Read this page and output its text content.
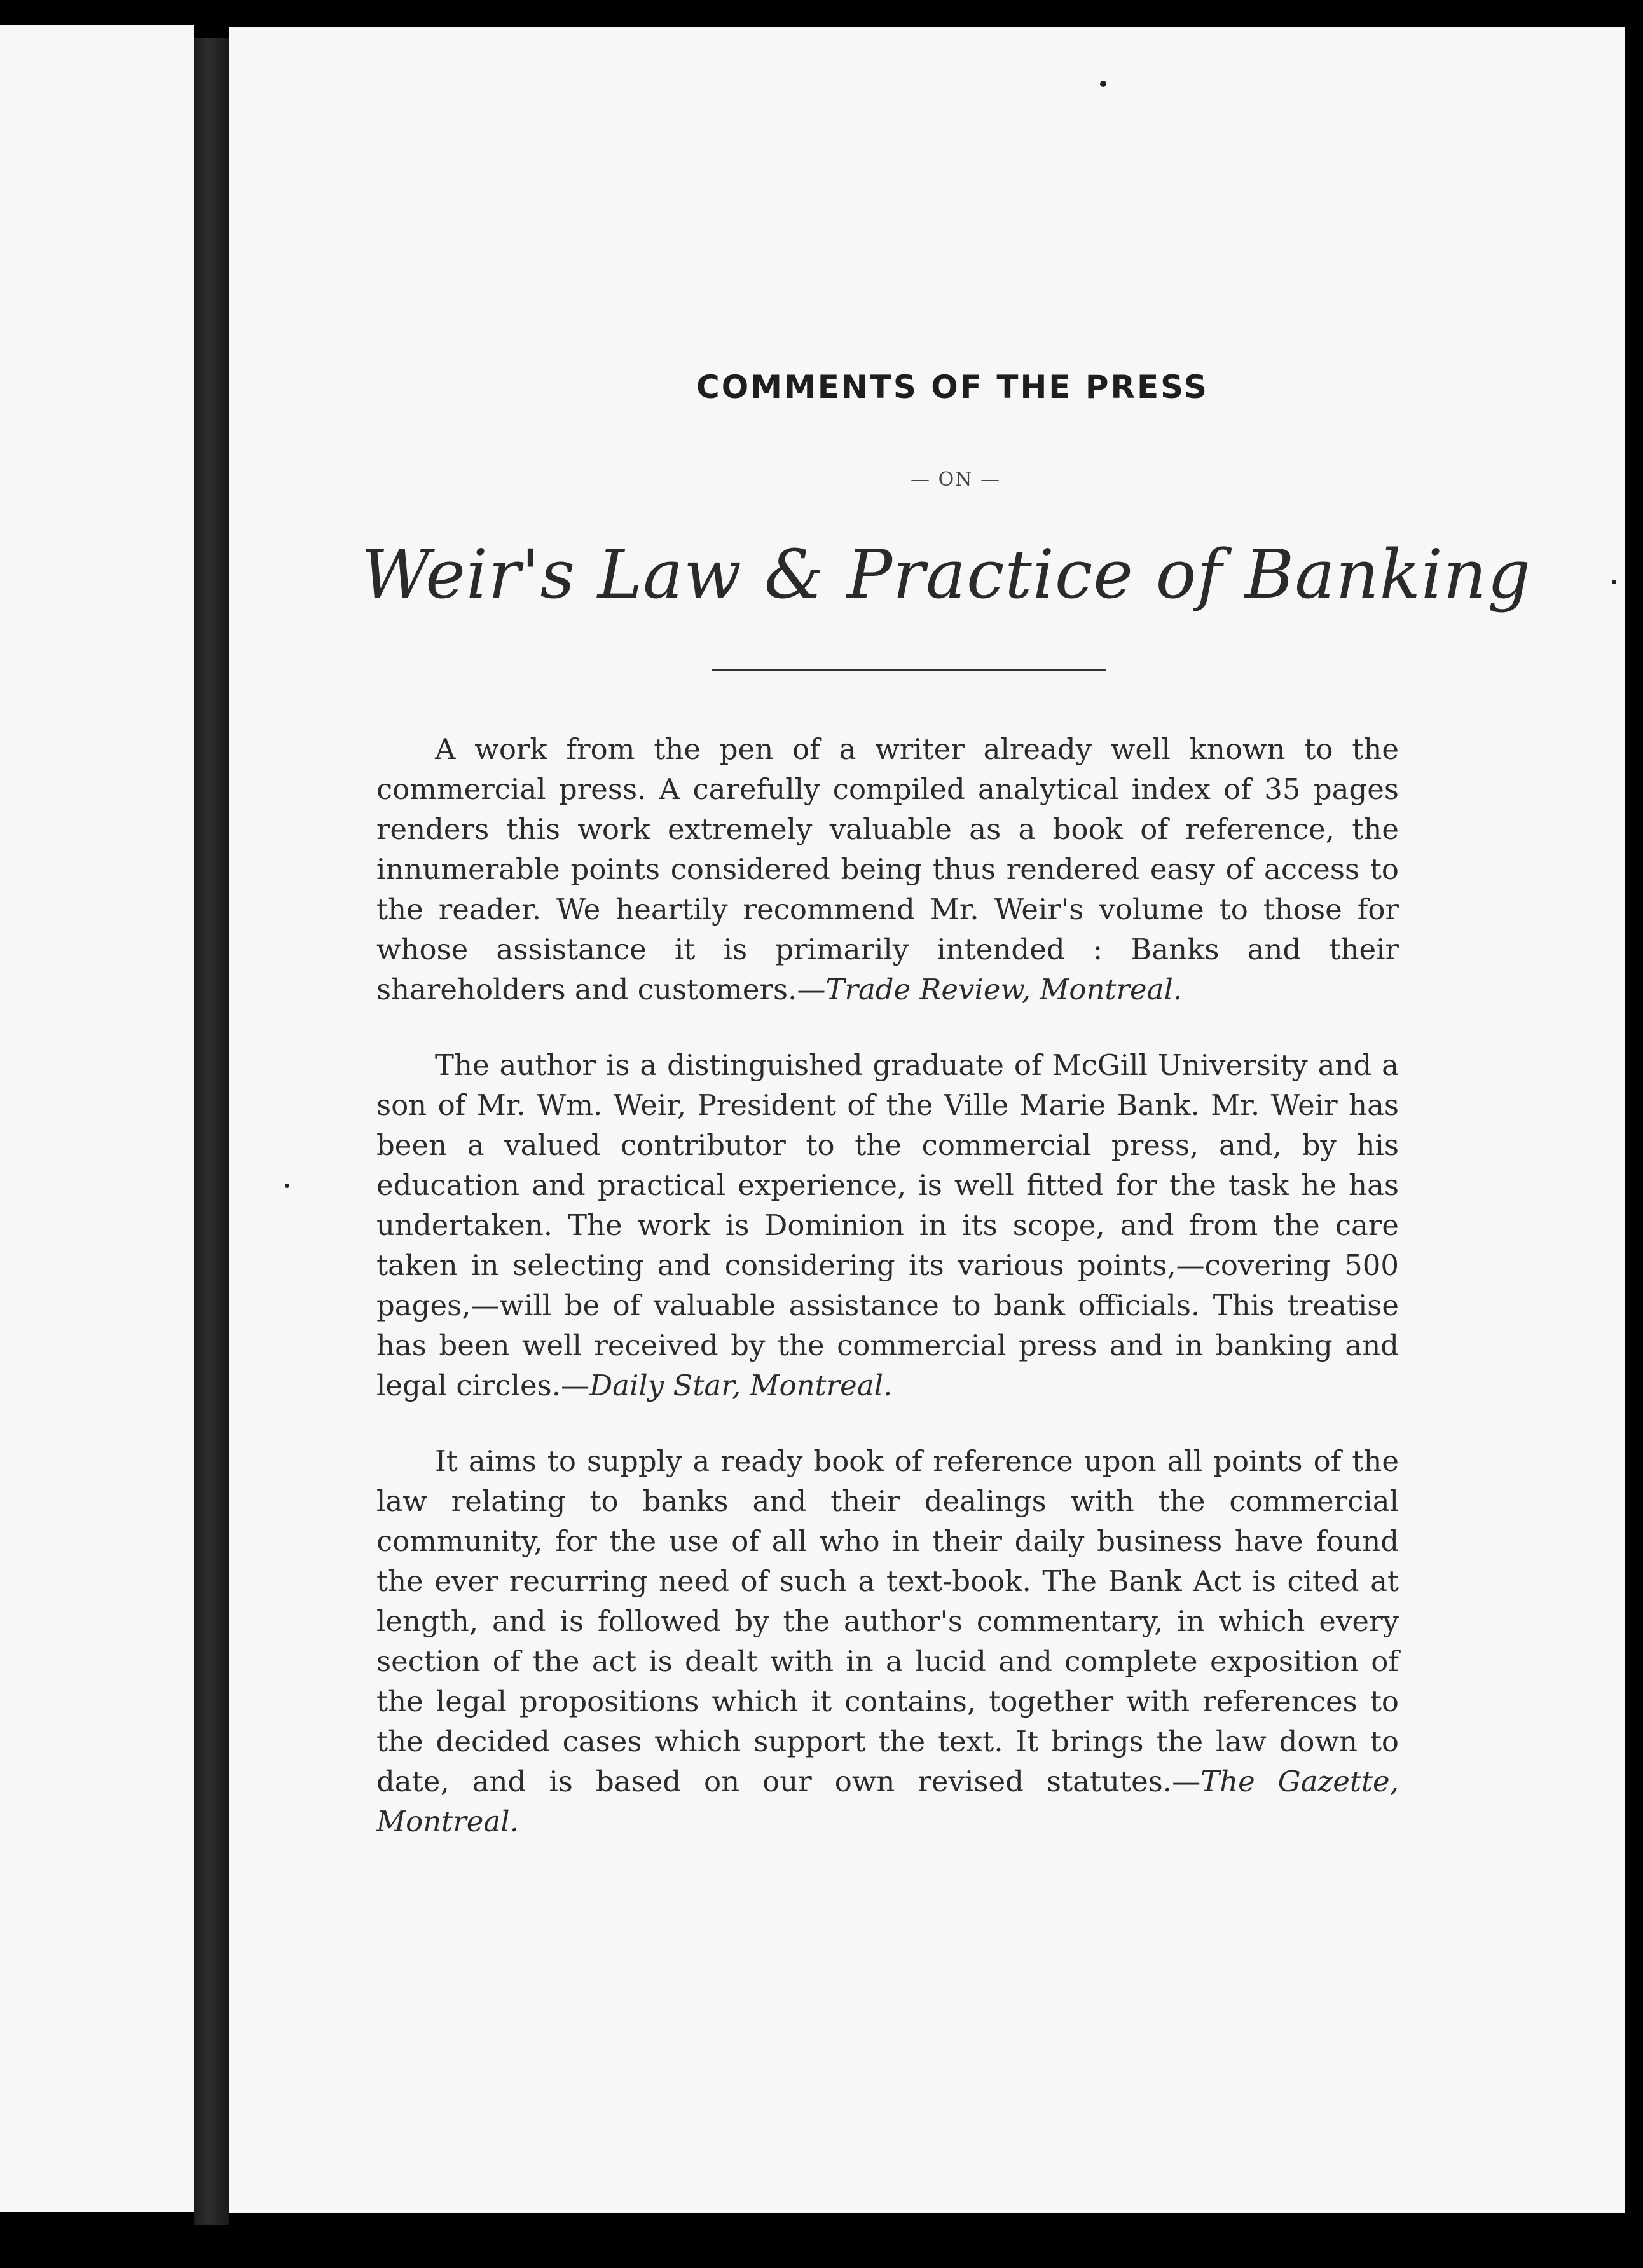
COMMENTS OF THE PRESS
— ON —
Weir's Law & Practice of Banking

A work from the pen of a writer already well known to the commercial press. A carefully compiled analytical index of 35 pages renders this work extremely valuable as a book of reference, the innumerable points considered being thus rendered easy of access to the reader. We heartily recommend Mr. Weir's volume to those for whose assistance it is primarily intended : Banks and their shareholders and customers.—Trade Review, Montreal.

The author is a distinguished graduate of McGill University and a son of Mr. Wm. Weir, President of the Ville Marie Bank. Mr. Weir has been a valued contributor to the commercial press, and, by his education and practical experience, is well fitted for the task he has undertaken. The work is Dominion in its scope, and from the care taken in selecting and considering its various points,—covering 500 pages,—will be of valuable assistance to bank officials. This treatise has been well received by the commercial press and in banking and legal circles.—Daily Star, Montreal.

It aims to supply a ready book of reference upon all points of the law relating to banks and their dealings with the commercial community, for the use of all who in their daily business have found the ever recurring need of such a text-book. The Bank Act is cited at length, and is followed by the author's commentary, in which every section of the act is dealt with in a lucid and complete exposition of the legal propositions which it contains, together with references to the decided cases which support the text. It brings the law down to date, and is based on our own revised statutes.—The Gazette, Montreal.
